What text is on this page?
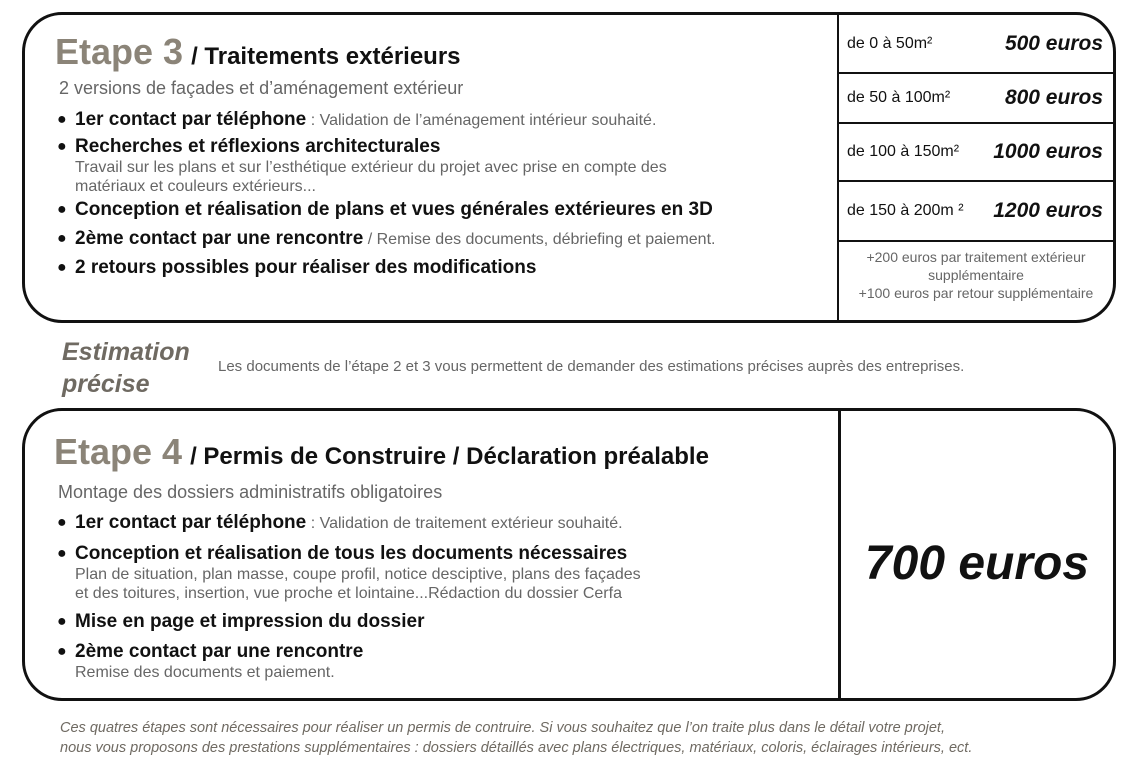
Etape 3 / Traitements extérieurs
2 versions de façades et d’aménagement extérieur
● 1er contact par téléphone : Validation de l’aménagement intérieur souhaité.
● Recherches et réflexions architecturales
Travail sur les plans et sur l’esthétique extérieur du projet avec prise en compte des
matériaux et couleurs extérieurs...
● Conception et réalisation de plans et vues générales extérieures en 3D
● 2ème contact par une rencontre / Remise des documents, débriefing et paiement.
● 2 retours possibles pour réaliser des modifications
de 0 à 50m²	500 euros
de 50 à 100m²	800 euros
de 100 à 150m² 1000 euros
de 150 à 200m ² 1200 euros
+200 euros par traitement extérieur
supplémentaire
+100 euros par retour supplémentaire
Estimation
précise
Les documents de l’étape 2 et 3 vous permettent de demander des estimations précises auprès des entreprises.
Etape 4 / Permis de Construire / Déclaration préalable
Montage des dossiers administratifs obligatoires
● 1er contact par téléphone : Validation de traitement extérieur souhaité.
● Conception et réalisation de tous les documents nécessaires
Plan de situation, plan masse, coupe profil, notice desciptive, plans des façades
et des toitures, insertion, vue proche et lointaine...Rédaction du dossier Cerfa
● Mise en page et impression du dossier
● 2ème contact par une rencontre
Remise des documents et paiement.
700 euros
Ces quatres étapes sont nécessaires pour réaliser un permis de contruire. Si vous souhaitez que l’on traite plus dans le détail votre projet,
nous vous proposons des prestations supplémentaires : dossiers détaillés avec plans électriques, matériaux, coloris, éclairages intérieurs, ect.
